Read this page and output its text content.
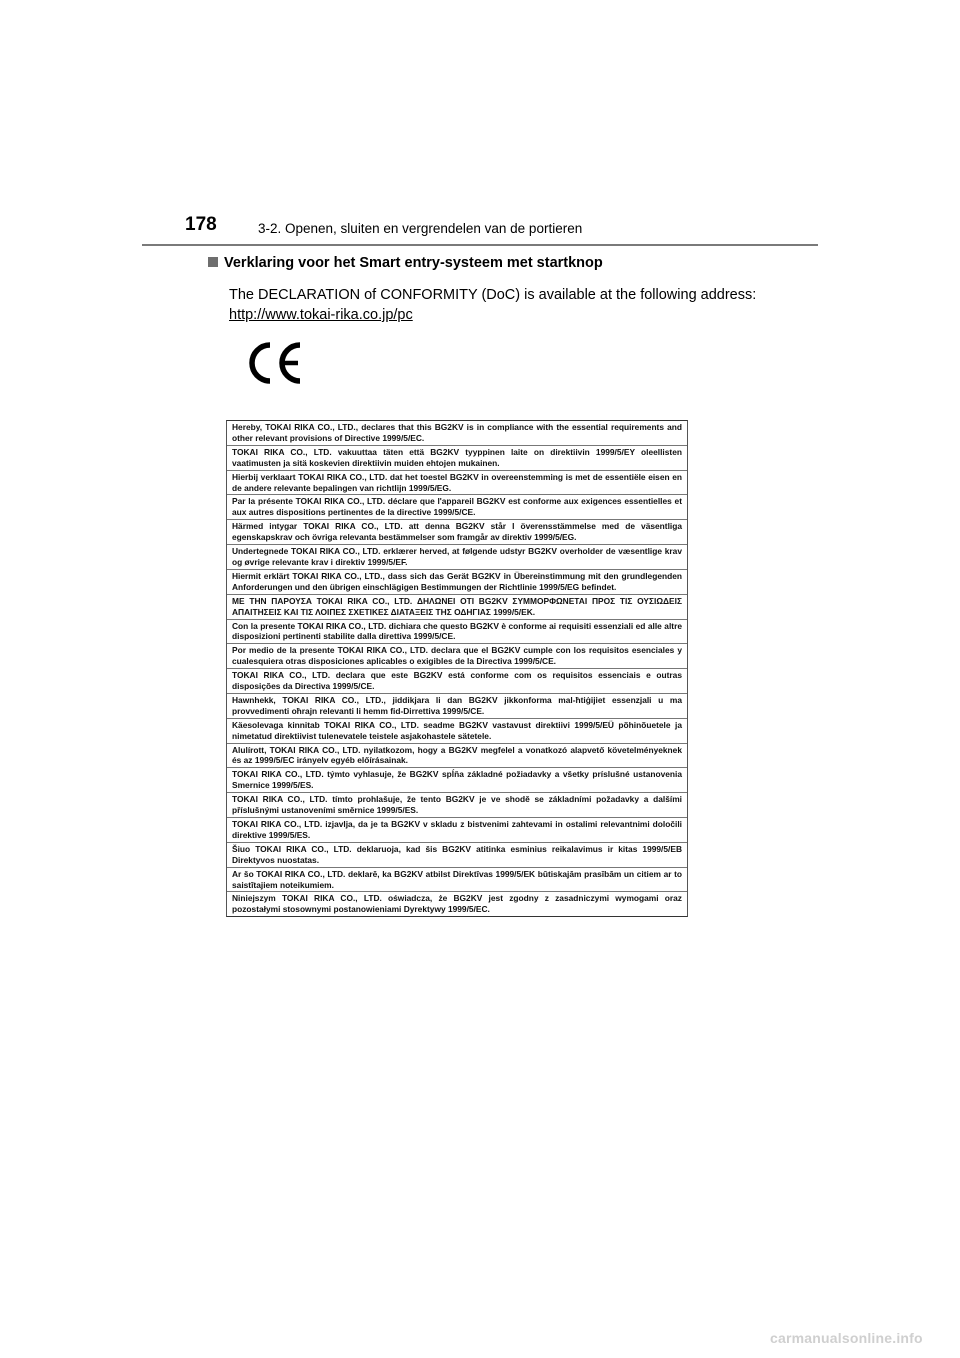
178	3-2. Openen, sluiten en vergrendelen van de portieren
Verklaring voor het Smart entry-systeem met startknop
The DECLARATION of CONFORMITY (DoC) is available at the following address:
http://www.tokai-rika.co.jp/pc
Hereby, TOKAI RIKA CO., LTD., declares that this BG2KV is in compliance with the essential requirements and other relevant provisions of Directive 1999/5/EC.
TOKAI RIKA CO., LTD. vakuuttaa täten että BG2KV tyyppinen laite on direktiivin 1999/5/EY oleellisten vaatimusten ja sitä koskevien direktiivin muiden ehtojen mukainen.
Hierbij verklaart TOKAI RIKA CO., LTD. dat het toestel BG2KV in overeenstemming is met de essentiële eisen en de andere relevante bepalingen van richtlijn 1999/5/EG.
Par la présente TOKAI RIKA CO., LTD. déclare que l'appareil BG2KV est conforme aux exigences essentielles et aux autres dispositions pertinentes de la directive 1999/5/CE.
Härmed intygar TOKAI RIKA CO., LTD. att denna BG2KV står I överensstämmelse med de väsentliga egenskapskrav och övriga relevanta bestämmelser som framgår av direktiv 1999/5/EG.
Undertegnede TOKAI RIKA CO., LTD. erklærer herved, at følgende udstyr BG2KV overholder de væsentlige krav og øvrige relevante krav i direktiv 1999/5/EF.
Hiermit erklärt TOKAI RIKA CO., LTD., dass sich das Gerät BG2KV in Übereinstimmung mit den grundlegenden Anforderungen und den übrigen einschlägigen Bestimmungen der Richtlinie 1999/5/EG befindet.
ΜΕ ΤΗΝ ΠΑΡΟΥΣΑ TOKAI RIKA CO., LTD. ΔΗΛΩΝΕΙ ΟΤΙ BG2KV ΣΥΜΜΟΡΦΩΝΕΤΑΙ ΠΡΟΣ ΤΙΣ ΟΥΣΙΩΔΕΙΣ ΑΠΑΙΤΗΣΕΙΣ ΚΑΙ ΤΙΣ ΛΟΙΠΕΣ ΣΧΕΤΙΚΕΣ ΔΙΑΤΑΞΕΙΣ ΤΗΣ ΟΔΗΓΙΑΣ 1999/5/ΕΚ.
Con la presente TOKAI RIKA CO., LTD. dichiara che questo BG2KV è conforme ai requisiti essenziali ed alle altre disposizioni pertinenti stabilite dalla direttiva 1999/5/CE.
Por medio de la presente TOKAI RIKA CO., LTD. declara que el BG2KV cumple con los requisitos esenciales y cualesquiera otras disposiciones aplicables o exigibles de la Directiva 1999/5/CE.
TOKAI RIKA CO., LTD. declara que este BG2KV está conforme com os requisitos essenciais e outras disposições da Directiva 1999/5/CE.
Hawnhekk, TOKAI RIKA CO., LTD., jiddikjara li dan BG2KV jikkonforma mal-ħtiġijiet essenzjali u ma provvedimenti oħrajn relevanti li hemm fid-Dirrettiva 1999/5/CE.
Käesolevaga kinnitab TOKAI RIKA CO., LTD. seadme BG2KV vastavust direktiivi 1999/5/EÜ põhinõuetele ja nimetatud direktiivist tulenevatele teistele asjakohastele sätetele.
Alulírott, TOKAI RIKA CO., LTD. nyilatkozom, hogy a BG2KV megfelel a vonatkozó alapvető követelményeknek és az 1999/5/EC irányelv egyéb előírásainak.
TOKAI RIKA CO., LTD. týmto vyhlasuje, že BG2KV spĺňa základné požiadavky a všetky príslušné ustanovenia Smernice 1999/5/ES.
TOKAI RIKA CO., LTD. tímto prohlašuje, že tento BG2KV je ve shodě se základními požadavky a dalšími příslušnými ustanoveními směrnice 1999/5/ES.
TOKAI RIKA CO., LTD. izjavlja, da je ta BG2KV v skladu z bistvenimi zahtevami in ostalimi relevantnimi določili direktive 1999/5/ES.
Šiuo TOKAI RIKA CO., LTD. deklaruoja, kad šis BG2KV atitinka esminius reikalavimus ir kitas 1999/5/EB Direktyvos nuostatas.
Ar šo TOKAI RIKA CO., LTD. deklarē, ka BG2KV atbilst Direktīvas 1999/5/EK būtiskajām prasībām un citiem ar to saistītajiem noteikumiem.
Niniejszym TOKAI RIKA CO., LTD. oświadcza, że BG2KV jest zgodny z zasadniczymi wymogami oraz pozostałymi stosownymi postanowieniami Dyrektywy 1999/5/EC.
carmanualsonline.info
